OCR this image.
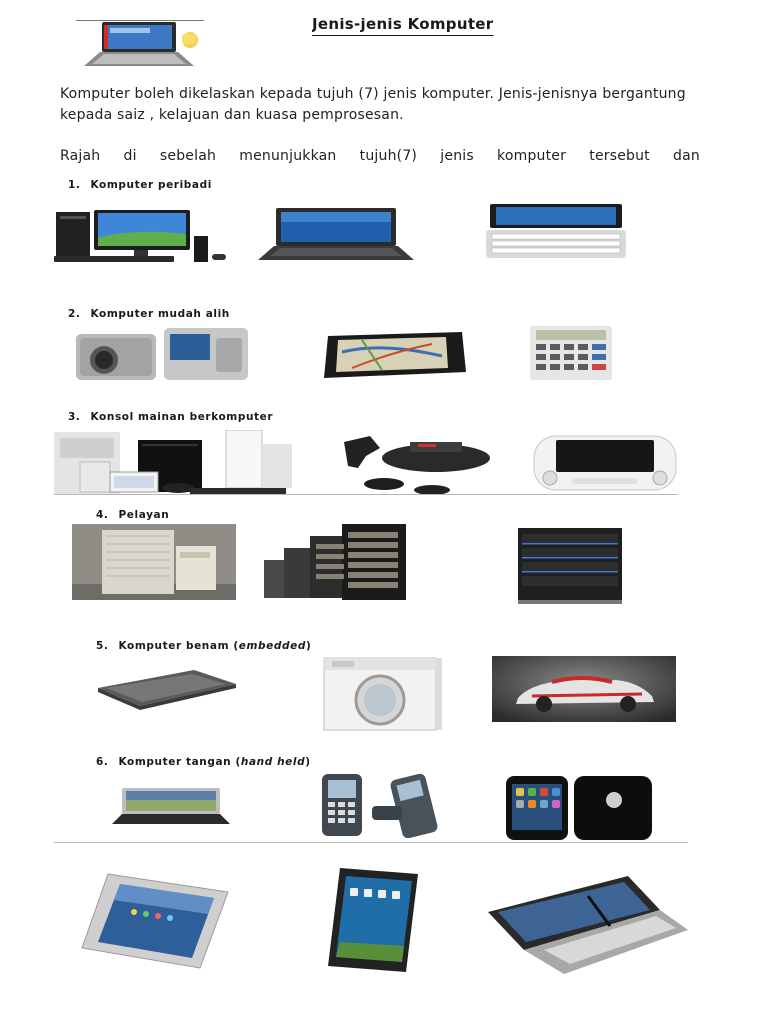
Jenis-jenis Komputer

Komputer boleh dikelaskan kepada tujuh (7) jenis komputer. Jenis-jenisnya bergantung kepada saiz , kelajuan dan kuasa pemprosesan.

Rajah di sebelah menunjukkan tujuh(7) jenis komputer tersebut dan

1. Komputer peribadi
2. Komputer mudah alih
3. Konsol mainan berkomputer
4. Pelayan
5. Komputer benam (embedded)
6. Komputer tangan (hand held)
